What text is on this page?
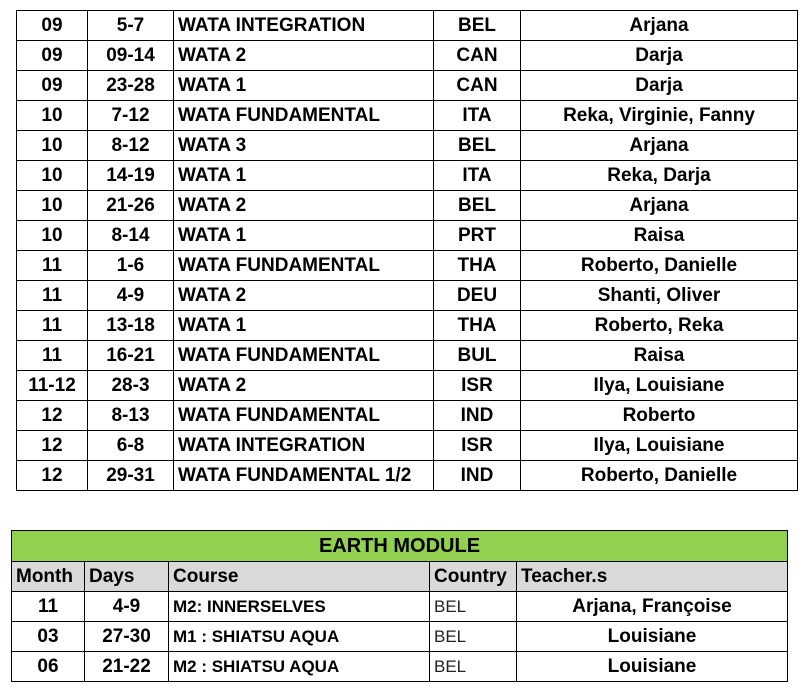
09	5-7	WATA INTEGRATION	BEL	Arjana
09	09-14	WATA 2	CAN	Darja
09	23-28	WATA 1	CAN	Darja
10	7-12	WATA FUNDAMENTAL	ITA	Reka, Virginie, Fanny
10	8-12	WATA 3	BEL	Arjana
10	14-19	WATA 1	ITA	Reka, Darja
10	21-26	WATA 2	BEL	Arjana
10	8-14	WATA 1	PRT	Raisa
11	1-6	WATA FUNDAMENTAL	THA	Roberto, Danielle
11	4-9	WATA 2	DEU	Shanti, Oliver
11	13-18	WATA 1	THA	Roberto, Reka
11	16-21	WATA FUNDAMENTAL	BUL	Raisa
11-12	28-3	WATA 2	ISR	Ilya, Louisiane
12	8-13	WATA FUNDAMENTAL	IND	Roberto
12	6-8	WATA INTEGRATION	ISR	Ilya, Louisiane
12	29-31	WATA FUNDAMENTAL 1/2	IND	Roberto, Danielle
EARTH MODULE				
Month	Days	Course	Country	Teacher.s
11	4-9	M2: INNERSELVES	BEL	Arjana, Françoise
03	27-30	M1 : SHIATSU AQUA	BEL	Louisiane
06	21-22	M2 : SHIATSU AQUA	BEL	Louisiane
